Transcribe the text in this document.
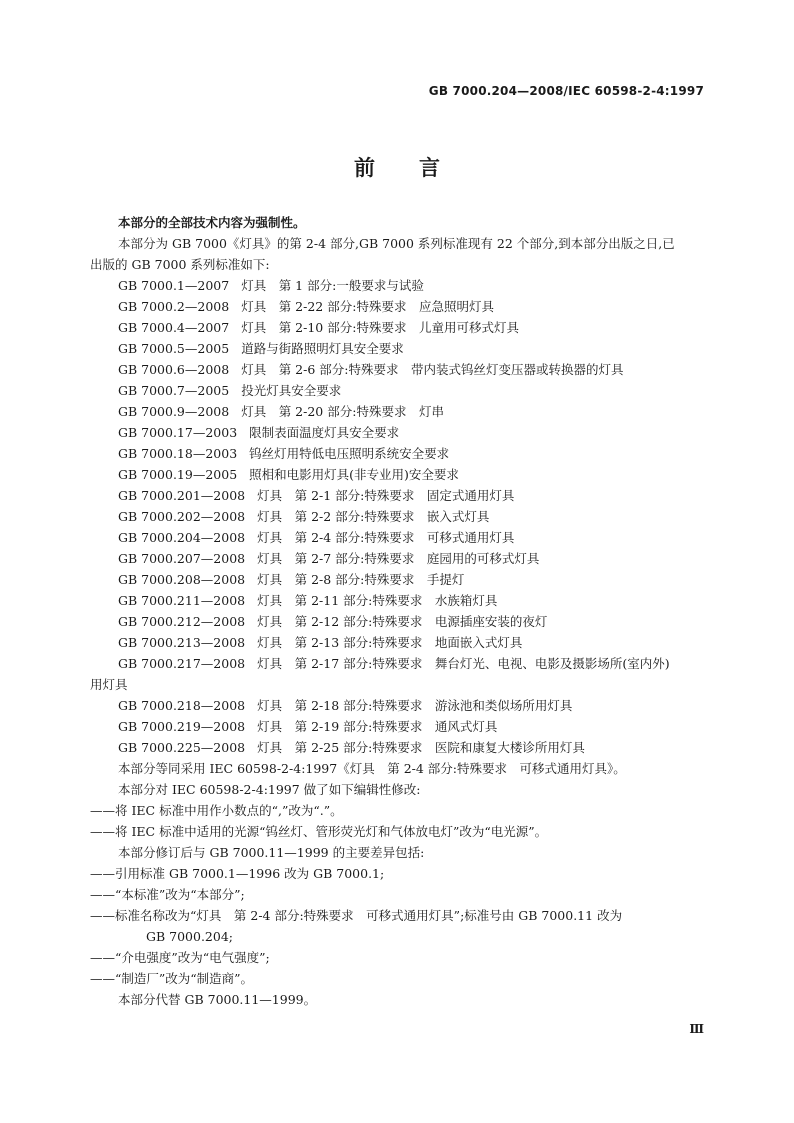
GB 7000.204—2008/IEC 60598-2-4:1997
前言

本部分的全部技术内容为强制性。

本部分为 GB 7000《灯具》的第 2-4 部分,GB 7000 系列标准现有 22 个部分,到本部分出版之日,已

出版的 GB 7000 系列标准如下:

GB 7000.1—2007 灯具　第 1 部分:一般要求与试验

GB 7000.2—2008 灯具　第 2-22 部分:特殊要求　应急照明灯具

GB 7000.4—2007 灯具　第 2-10 部分:特殊要求　儿童用可移式灯具

GB 7000.5—2005 道路与街路照明灯具安全要求

GB 7000.6—2008 灯具　第 2-6 部分:特殊要求　带内装式钨丝灯变压器或转换器的灯具

GB 7000.7—2005 投光灯具安全要求

GB 7000.9—2008 灯具　第 2-20 部分:特殊要求　灯串

GB 7000.17—2003 限制表面温度灯具安全要求

GB 7000.18—2003 钨丝灯用特低电压照明系统安全要求

GB 7000.19—2005 照相和电影用灯具(非专业用)安全要求

GB 7000.201—2008 灯具　第 2-1 部分:特殊要求　固定式通用灯具

GB 7000.202—2008 灯具　第 2-2 部分:特殊要求　嵌入式灯具

GB 7000.204—2008 灯具　第 2-4 部分:特殊要求　可移式通用灯具

GB 7000.207—2008 灯具　第 2-7 部分:特殊要求　庭园用的可移式灯具

GB 7000.208—2008 灯具　第 2-8 部分:特殊要求　手提灯

GB 7000.211—2008 灯具　第 2-11 部分:特殊要求　水族箱灯具

GB 7000.212—2008 灯具　第 2-12 部分:特殊要求　电源插座安装的夜灯

GB 7000.213—2008 灯具　第 2-13 部分:特殊要求　地面嵌入式灯具

GB 7000.217—2008 灯具　第 2-17 部分:特殊要求　舞台灯光、电视、电影及摄影场所(室内外)

用灯具

GB 7000.218—2008 灯具　第 2-18 部分:特殊要求　游泳池和类似场所用灯具

GB 7000.219—2008 灯具　第 2-19 部分:特殊要求　通风式灯具

GB 7000.225—2008 灯具　第 2-25 部分:特殊要求　医院和康复大楼诊所用灯具

本部分等同采用 IEC 60598-2-4:1997《灯具　第 2-4 部分:特殊要求　可移式通用灯具》。

本部分对 IEC 60598-2-4:1997 做了如下编辑性修改:

——将 IEC 标准中用作小数点的“,”改为“.”。

——将 IEC 标准中适用的光源“钨丝灯、管形荧光灯和气体放电灯”改为“电光源”。

本部分修订后与 GB 7000.11—1999 的主要差异包括:

——引用标准 GB 7000.1—1996 改为 GB 7000.1;

——“本标准”改为“本部分”;

——标准名称改为“灯具　第 2-4 部分:特殊要求　可移式通用灯具”;标准号由 GB 7000.11 改为

GB 7000.204;

——“介电强度”改为“电气强度”;

——“制造厂”改为“制造商”。

本部分代替 GB 7000.11—1999。

Ⅲ
